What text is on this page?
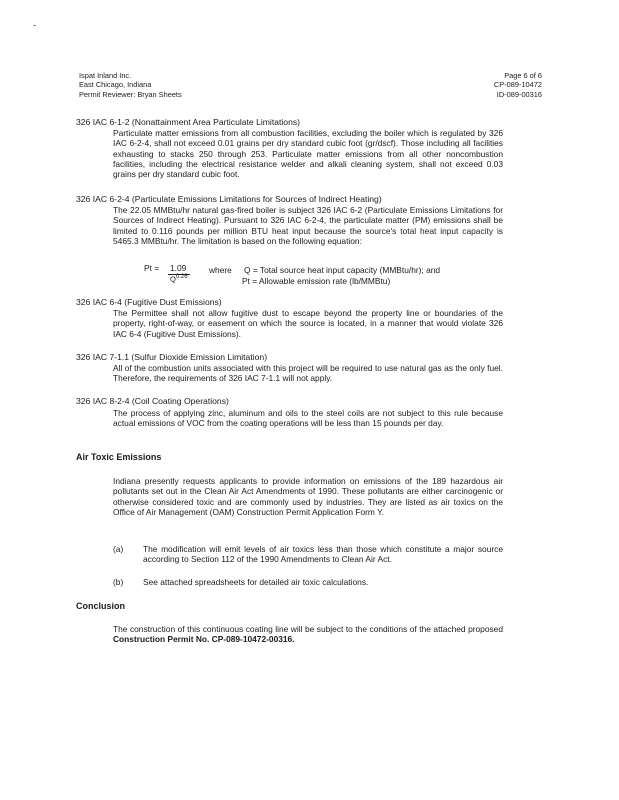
-
Ispat Inland Inc.
East Chicago, Indiana
Permit Reviewer: Bryan Sheets
Page 6 of 6
CP-089-10472
ID-089-00316
326 IAC 6-1-2 (Nonattainment Area Particulate Limitations)
Particulate matter emissions from all combustion facilities, excluding the boiler which is regulated by 326 IAC 6-2-4, shall not exceed 0.01 grains per dry standard cubic foot (gr/dscf). Those including all facilities exhausting to stacks 250 through 253. Particulate matter emissions from all other noncombustion facilities, including the electrical resistance welder and alkali cleaning system, shall not exceed 0.03 grains per dry standard cubic foot.
326 IAC 6-2-4 (Particulate Emissions Limitations for Sources of Indirect Heating)
The 22.05 MMBtu/hr natural gas-fired boiler is subject 326 IAC 6-2 (Particulate Emissions Limitations for Sources of Indirect Heating). Pursuant to 326 IAC 6-2-4, the particulate matter (PM) emissions shall be limited to 0.116 pounds per million BTU heat input because the source's total heat input capacity is 5465.3 MMBtu/hr. The limitation is based on the following equation:
Pt = 1.09
$Q^{0.26}$
where Q = Total source heat input capacity (MMBtu/hr); and
Pt = Allowable emission rate (lb/MMBtu)
326 IAC 6-4 (Fugitive Dust Emissions)
The Permittee shall not allow fugitive dust to escape beyond the property line or boundaries of the property, right-of-way, or easement on which the source is located, in a manner that would violate 326 IAC 6-4 (Fugitive Dust Emissions).
326 IAC 7-1.1 (Sulfur Dioxide Emission Limitation)
All of the combustion units associated with this project will be required to use natural gas as the only fuel. Therefore, the requirements of 326 IAC 7-1.1 will not apply.
326 IAC 8-2-4 (Coil Coating Operations)
The process of applying zinc, aluminum and oils to the steel coils are not subject to this rule because actual emissions of VOC from the coating operations will be less than 15 pounds per day.
Air Toxic Emissions
Indiana presently requests applicants to provide information on emissions of the 189 hazardous air pollutants set out in the Clean Air Act Amendments of 1990. These pollutants are either carcinogenic or otherwise considered toxic and are commonly used by industries. They are listed as air toxics on the Office of Air Management (OAM) Construction Permit Application Form Y.
(a) The modification will emit levels of air toxics less than those which constitute a major source according to Section 112 of the 1990 Amendments to Clean Air Act.
(b) See attached spreadsheets for detailed air toxic calculations.
Conclusion
The construction of this continuous coating line will be subject to the conditions of the attached proposed Construction Permit No. CP-089-10472-00316.
